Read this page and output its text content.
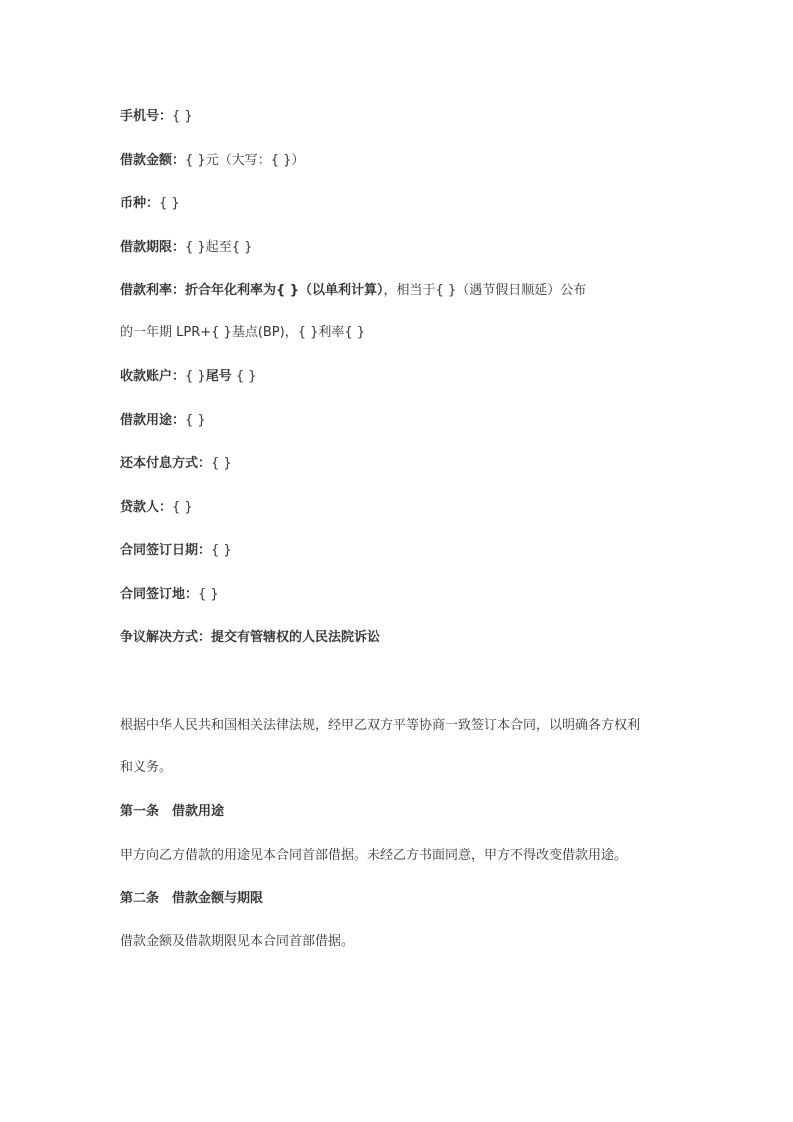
手机号：{ }
借款金额：{ }元（大写：{ }）
币种：{ }
借款期限：{ }起至{ }
借款利率：折合年化利率为{ }（以单利计算），相当于{ }（遇节假日顺延）公布
的一年期 LPR+{ }基点(BP)，{ }利率{ }
收款账户：{ }尾号 { }
借款用途：{ }
还本付息方式：{ }
贷款人：{ }
合同签订日期：{ }
合同签订地：{ }
争议解决方式：提交有管辖权的人民法院诉讼
根据中华人民共和国相关法律法规，经甲乙双方平等协商一致签订本合同，以明确各方权利
和义务。
第一条　借款用途
甲方向乙方借款的用途见本合同首部借据。未经乙方书面同意，甲方不得改变借款用途。
第二条　借款金额与期限
借款金额及借款期限见本合同首部借据。
